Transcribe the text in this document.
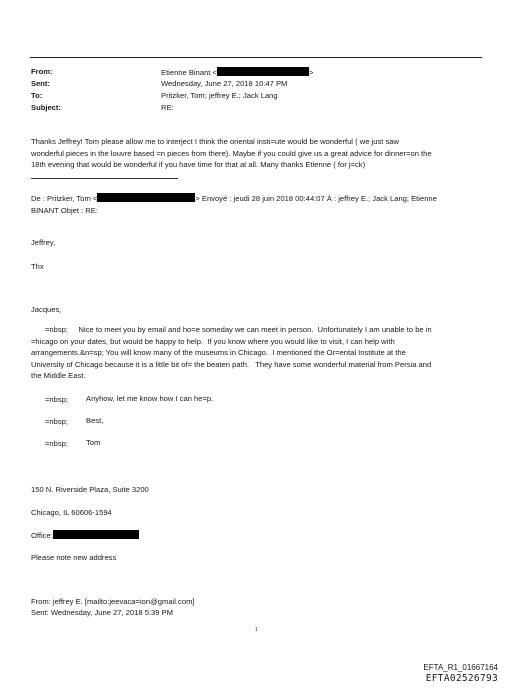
From:
Sent:
To:
Subject:
Etienne Binant <	>
Wednesday, June 27, 2018 10:47 PM
Pritzker, Tom; jeffrey E.; Jack Lang
RE:
Thanks Jeffrey! Tom please allow me to interject I think the oriental insti=ute would be wonderful ( we just saw
wonderful pieces in the louvre based =n pieces from there). Maybe if you could give us a great advice for dinner=on the
18th evening that would be wonderful if you have time for that at all. Many thanks Etienne ( for j=ck)
De : Pritzker, Tom <	> Envoyé : jeudi 28 juin 2018 00:44:07 À : jeffrey E.; Jack Lang; Etienne
BINANT Objet : RE:
Jeffrey,
Thx
Jacques,
=nbsp;     Nice to meet you by email and ho=e someday we can meet in person.  Unfortunately I am unable to be in
=hicago on your dates, but would be happy to help.  If you know where you would like to visit, I can help with
arrangements.&n=sp; You will know many of the museums in Chicago.  I mentioned the Or=ental Institute at the
University of Chicago because it is a little bit of= the beaten path.   They have some wonderful material from Persia and
the Middle East.
=nbsp; Anyhow, let me know how I can he=p.
=nbsp; Best,
=nbsp; Tom
150 N. Riverside Plaza, Suite 3200
Chicago, IL 60606-1594
Office:
Please note new address
From: jeffrey E. [mailto:jeevaca=ion@gmail.com]
Sent: Wednesday, June 27, 2018 5:39 PM
1
EFTA_R1_01667164
EFTA02526793
